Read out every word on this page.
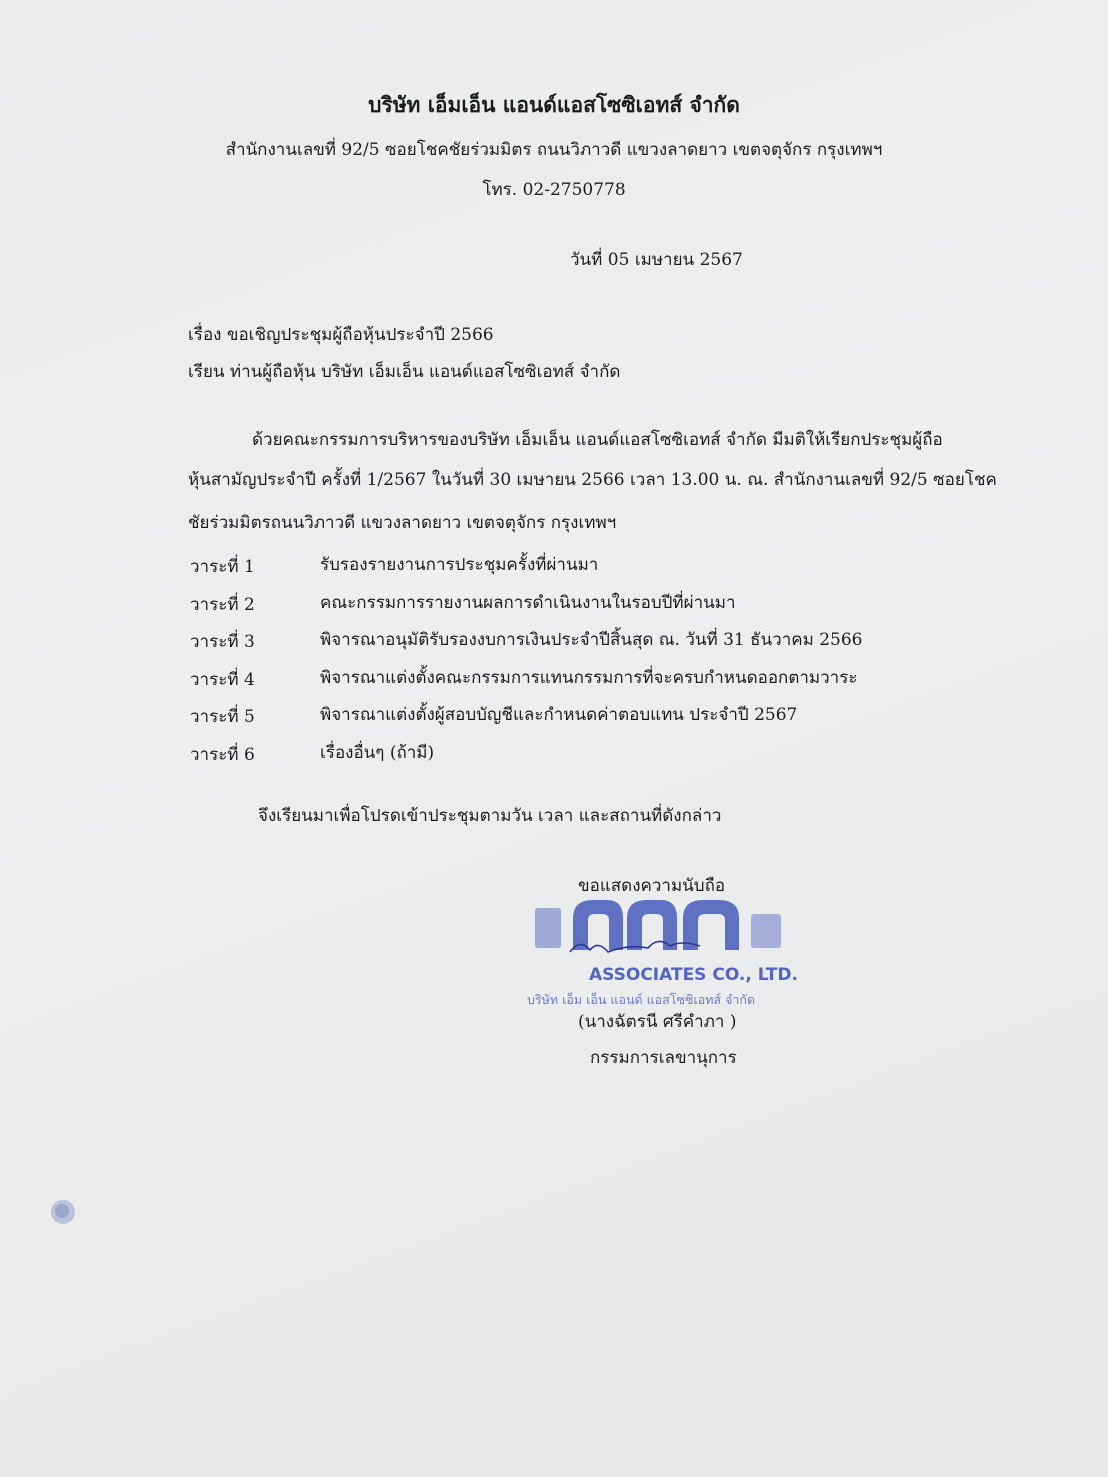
บริษัท เอ็มเอ็น แอนด์แอสโซซิเอทส์ จำกัด
สำนักงานเลขที่ 92/5 ซอยโชคชัยร่วมมิตร ถนนวิภาวดี แขวงลาดยาว เขตจตุจักร กรุงเทพฯ
โทร. 02-2750778
วันที่ 05 เมษายน 2567
เรื่อง ขอเชิญประชุมผู้ถือหุ้นประจำปี 2566
เรียน ท่านผู้ถือหุ้น บริษัท เอ็มเอ็น แอนด์แอสโซซิเอทส์ จำกัด
ด้วยคณะกรรมการบริหารของบริษัท เอ็มเอ็น แอนด์แอสโซซิเอทส์ จำกัด มีมติให้เรียกประชุมผู้ถือ
หุ้นสามัญประจำปี ครั้งที่ 1/2567 ในวันที่ 30 เมษายน 2566 เวลา 13.00 น. ณ. สำนักงานเลขที่ 92/5 ซอยโชค
ชัยร่วมมิตรถนนวิภาวดี แขวงลาดยาว เขตจตุจักร กรุงเทพฯ
วาระที่ 1	รับรองรายงานการประชุมครั้งที่ผ่านมา
วาระที่ 2	คณะกรรมการรายงานผลการดำเนินงานในรอบปีที่ผ่านมา
วาระที่ 3	พิจารณาอนุมัติรับรองงบการเงินประจำปีสิ้นสุด ณ. วันที่ 31 ธันวาคม 2566
วาระที่ 4	พิจารณาแต่งตั้งคณะกรรมการแทนกรรมการที่จะครบกำหนดออกตามวาระ
วาระที่ 5	พิจารณาแต่งตั้งผู้สอบบัญชีและกำหนดค่าตอบแทน ประจำปี 2567
วาระที่ 6	เรื่องอื่นๆ (ถ้ามี)
จึงเรียนมาเพื่อโปรดเข้าประชุมตามวัน เวลา และสถานที่ดังกล่าว
ขอแสดงความนับถือ
ASSOCIATES CO., LTD.
บริษัท เอ็ม เอ็น แอนด์ แอสโซซิเอทส์ จำกัด
(นางฉัตรนี ศรีคำภา )
กรรมการเลขานุการ
